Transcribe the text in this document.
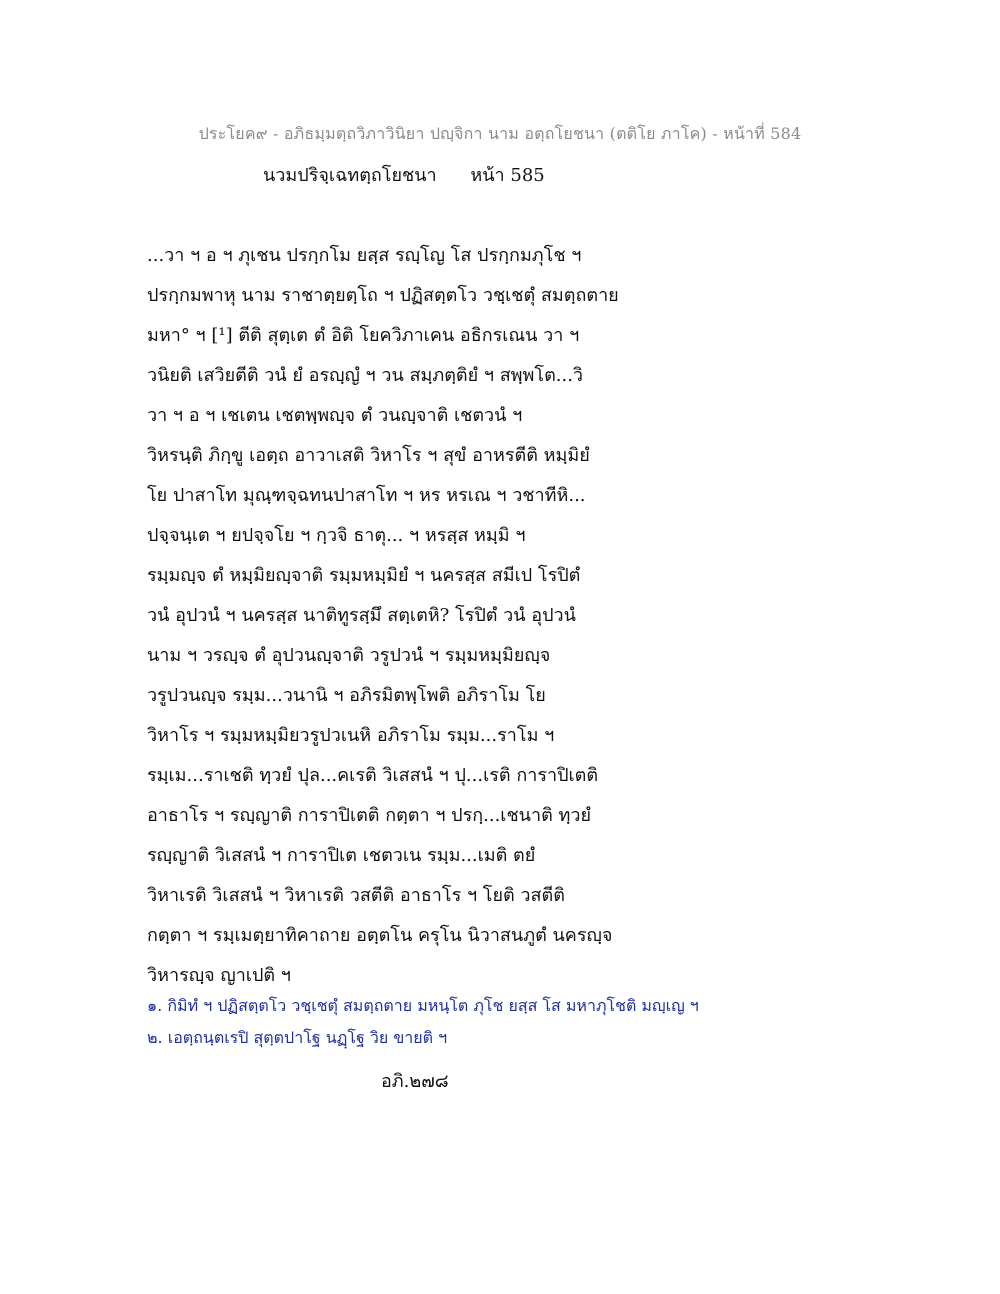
ประโยค๙ - อภิธมฺมตฺถวิภาวินิยา ปญฺจิกา นาม อตฺถโยชนา (ตติโย ภาโค) - หน้าที่ 584
นวมปริจฺเฉทตฺถโยชนา หน้า 585
...วา ฯ อ ฯ ภุเชน ปรกฺกโม ยสฺส รญฺโญ โส ปรกฺกมภุโช ฯ
ปรกฺกมพาหุ นาม ราชาตฺยตฺโถ ฯ ปฏิสตฺตโว วชฺเชตุํ สมตฺถตาย
มหา° ฯ [¹] ตีติ สุตฺเต ตํ อิติ โยควิภาเคน อธิกรเณน วา ฯ
วนิยติ เสวิยตีติ วนํ ยํ อรญฺญํ ฯ วน สมฺภตฺติยํ ฯ สพฺพโต...วิ
วา ฯ อ ฯ เชเตน เชตพฺพญฺจ ตํ วนญฺจาติ เชตวนํ ฯ
วิหรนฺติ ภิกฺขู เอตฺถ อาวาเสติ วิหาโร ฯ สุขํ อาหรตีติ หมฺมิยํ
โย ปาสาโท มุณฺฑจฺฉทนปาสาโท ฯ หร หรเณ ฯ วชาทีหิ...
ปจฺจนฺเต ฯ ยปจฺจโย ฯ กฺวจิ ธาตุ... ฯ หรสฺส หมฺมิ ฯ
รมฺมญฺจ ตํ หมฺมิยญฺจาติ รมฺมหมฺมิยํ ฯ นครสฺส สมีเป โรปิตํ
วนํ อุปวนํ ฯ นครสฺส นาติทูรสฺมึ สตฺเตหิ? โรปิตํ วนํ อุปวนํ
นาม ฯ วรญฺจ ตํ อุปวนญฺจาติ วรูปวนํ ฯ รมฺมหมฺมิยญฺจ
วรูปวนญฺจ รมฺม...วนานิ ฯ อภิรมิตพฺโพติ อภิราโม โย
วิหาโร ฯ รมฺมหมฺมิยวรูปวเนหิ อภิราโม รมฺม...ราโม ฯ
รมฺเม...ราเชติ ทฺวยํ ปุล...คเรติ วิเสสนํ ฯ ปุ...เรติ การาปิเตติ
อาธาโร ฯ รญฺญาติ การาปิเตติ กตฺตา ฯ ปรกฺ...เชนาติ ทฺวยํ
รญฺญาติ วิเสสนํ ฯ การาปิเต เชตวเน รมฺม...เมติ ตยํ
วิหาเรติ วิเสสนํ ฯ วิหาเรติ วสตีติ อาธาโร ฯ โยติ วสตีติ
กตฺตา ฯ รมฺเมตฺยาทิคาถาย อตฺตโน ครุโน นิวาสนภูตํ นครญฺจ
วิหารญฺจ ญาเปติ ฯ
๑. กิมิทํ ฯ ปฏิสตฺตโว วชฺเชตุํ สมตฺถตาย มหนฺโต ภุโช ยสฺส โส มหาภุโชติ มญฺเญ ฯ
๒. เอตฺถนฺตเรปิ สุตฺตปาโฐ นฏฺโฐ วิย ขายติ ฯ
อภิ.๒๗๘
